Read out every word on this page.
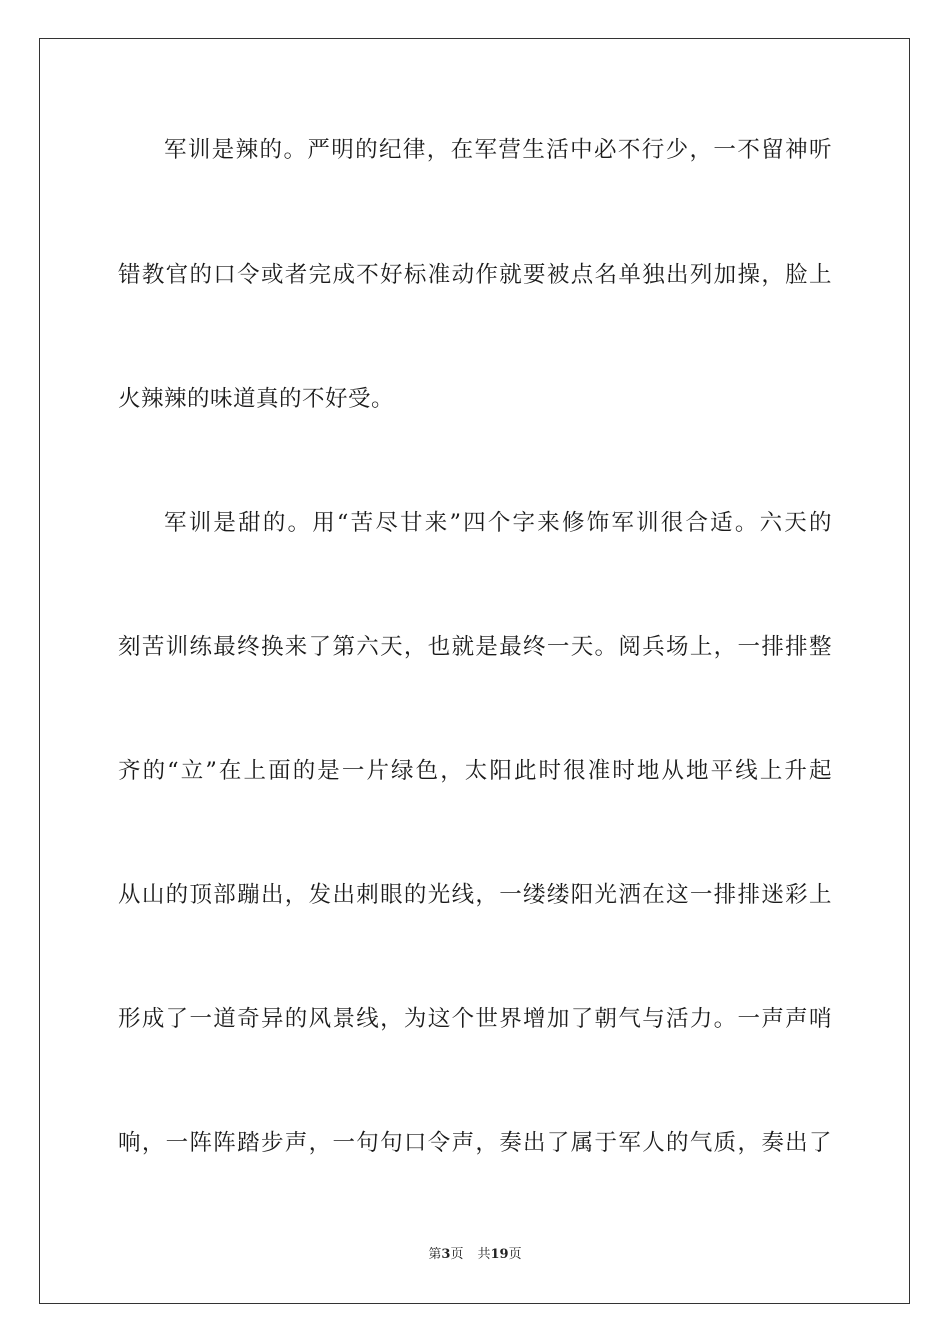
军训是辣的。严明的纪律，在军营生活中必不行少，一不留神听
错教官的口令或者完成不好标准动作就要被点名单独出列加操，脸上
火辣辣的味道真的不好受。
军训是甜的。用“苦尽甘来”四个字来修饰军训很合适。六天的
刻苦训练最终换来了第六天，也就是最终一天。阅兵场上，一排排整
齐的“立”在上面的是一片绿色，太阳此时很准时地从地平线上升起
从山的顶部蹦出，发出刺眼的光线，一缕缕阳光洒在这一排排迷彩上
形成了一道奇异的风景线，为这个世界增加了朝气与活力。一声声哨
响，一阵阵踏步声，一句句口令声，奏出了属于军人的气质，奏出了
第3页 共19页
